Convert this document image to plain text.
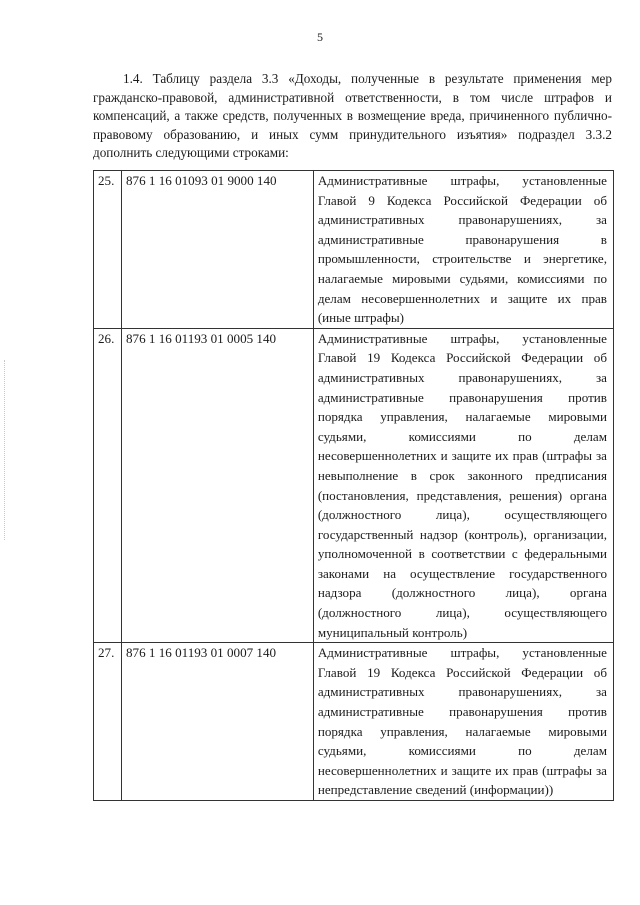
5

1.4. Таблицу раздела 3.3 «Доходы, полученные в результате применения мер гражданско-правовой, административной ответственности, в том числе штрафов и компенсаций, а также средств, полученных в возмещение вреда, причиненного публично-правовому образованию, и иных сумм принудительного изъятия» подраздел 3.3.2 дополнить следующими строками:

25.	876 1 16 01093 01 9000 140	Административные штрафы, установленные Главой 9 Кодекса Российской Федерации об административных правонарушениях, за административные правонарушения в промышленности, строительстве и энергетике, налагаемые мировыми судьями, комиссиями по делам несовершеннолетних и защите их прав (иные штрафы)
26.	876 1 16 01193 01 0005 140	Административные штрафы, установленные Главой 19 Кодекса Российской Федерации об административных правонарушениях, за административные правонарушения против порядка управления, налагаемые мировыми судьями, комиссиями по делам несовершеннолетних и защите их прав (штрафы за невыполнение в срок законного предписания (постановления, представления, решения) органа (должностного лица), осуществляющего государственный надзор (контроль), организации, уполномоченной в соответствии с федеральными законами на осуществление государственного надзора (должностного лица), органа (должностного лица), осуществляющего муниципальный контроль)
27.	876 1 16 01193 01 0007 140	Административные штрафы, установленные Главой 19 Кодекса Российской Федерации об административных правонарушениях, за административные правонарушения против порядка управления, налагаемые мировыми судьями, комиссиями по делам несовершеннолетних и защите их прав (штрафы за непредставление сведений (информации))
